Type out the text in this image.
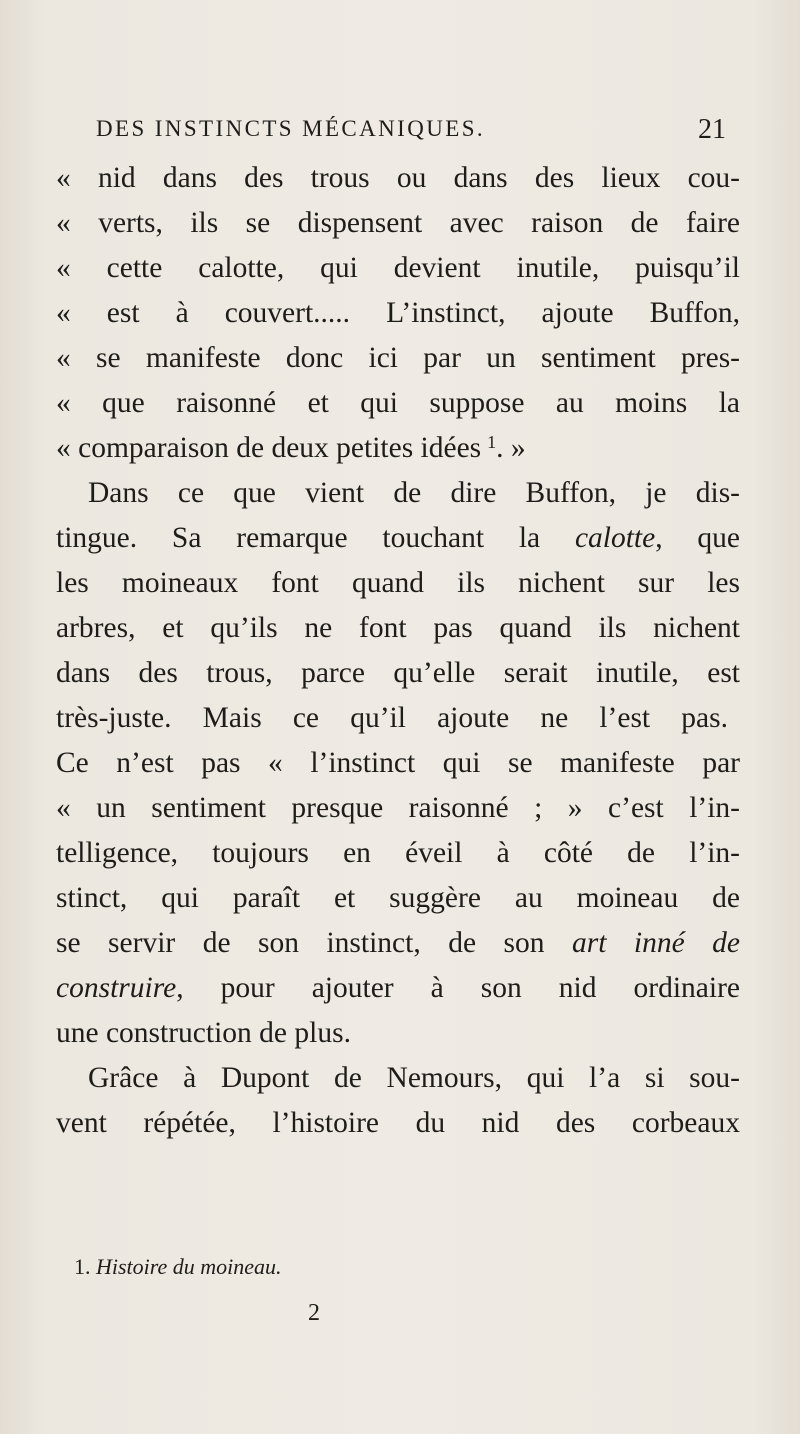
DES INSTINCTS MÉCANIQUES.	21
« nid dans des trous ou dans des lieux cou-
« verts, ils se dispensent avec raison de faire
« cette calotte, qui devient inutile, puisqu’il
« est à couvert..... L’instinct, ajoute Buffon,
« se manifeste donc ici par un sentiment pres-
« que raisonné et qui suppose au moins la
« comparaison de deux petites idées  $^1$. »
Dans ce que vient de dire Buffon, je dis-
tingue. Sa remarque touchant la calotte, que
les moineaux font quand ils nichent sur les
arbres, et qu’ils ne font pas quand ils nichent
dans des trous, parce qu’elle serait inutile, est
très-juste. Mais ce qu’il ajoute ne l’est pas.
Ce n’est pas « l’instinct qui se manifeste par
« un sentiment presque raisonné ; » c’est l’in-
telligence, toujours en éveil à côté de l’in-
stinct, qui paraît et suggère au moineau de
se servir de son instinct, de son art inné de
construire, pour ajouter à son nid ordinaire
une construction de plus.
Grâce à Dupont de Nemours, qui l’a si sou-
vent répétée, l’histoire du nid des corbeaux
1. Histoire du moineau.
2
